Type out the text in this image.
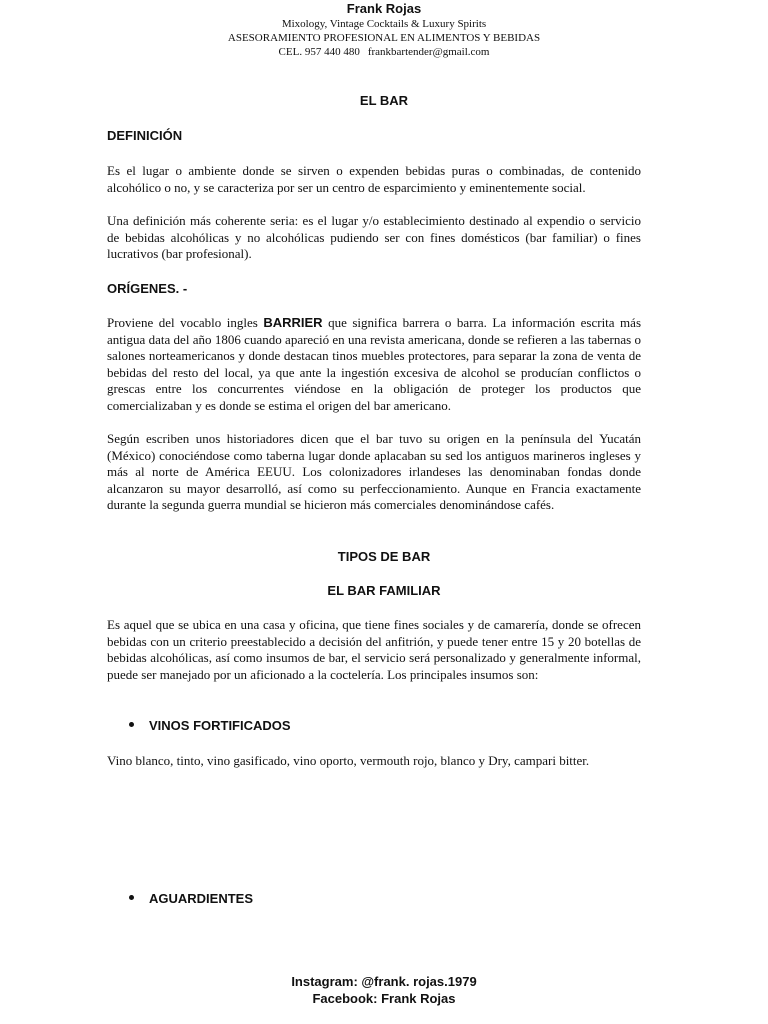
Frank Rojas
Mixology, Vintage Cocktails & Luxury Spirits
ASESORAMIENTO PROFESIONAL EN ALIMENTOS Y BEBIDAS
CEL. 957 440 480 frankbartender@gmail.com
EL BAR
DEFINICIÓN

Es el lugar o ambiente donde se sirven o expenden bebidas puras o combinadas, de contenido alcohólico o no, y se caracteriza por ser un centro de esparcimiento y eminentemente social.

Una definición más coherente seria: es el lugar y/o establecimiento destinado al expendio o servicio de bebidas alcohólicas y no alcohólicas pudiendo ser con fines domésticos (bar familiar) o fines lucrativos (bar profesional).

ORÍGENES. -

Proviene del vocablo ingles BARRIER que significa barrera o barra. La información escrita más antigua data del año 1806 cuando apareció en una revista americana, donde se refieren a las tabernas o salones norteamericanos y donde destacan tinos muebles protectores, para separar la zona de venta de bebidas del resto del local, ya que ante la ingestión excesiva de alcohol se producían conflictos o grescas entre los concurrentes viéndose en la obligación de proteger los productos que comercializaban y es donde se estima el origen del bar americano.

Según escriben unos historiadores dicen que el bar tuvo su origen en la península del Yucatán (México) conociéndose como taberna lugar donde aplacaban su sed los antiguos marineros ingleses y más al norte de América EEUU. Los colonizadores irlandeses las denominaban fondas donde alcanzaron su mayor desarrolló, así como su perfeccionamiento. Aunque en Francia exactamente durante la segunda guerra mundial se hicieron más comerciales denominándose cafés.

TIPOS DE BAR
EL BAR FAMILIAR

Es aquel que se ubica en una casa y oficina, que tiene fines sociales y de camarería, donde se ofrecen bebidas con un criterio preestablecido a decisión del anfitrión, y puede tener entre 15 y 20 botellas de bebidas alcohólicas, así como insumos de bar, el servicio será personalizado y generalmente informal, puede ser manejado por un aficionado a la coctelería. Los principales insumos son:

VINOS FORTIFICADOS

Vino blanco, tinto, vino gasificado, vino oporto, vermouth rojo, blanco y Dry, campari bitter.

AGUARDIENTES
Instagram: @frank. rojas.1979
Facebook: Frank Rojas
